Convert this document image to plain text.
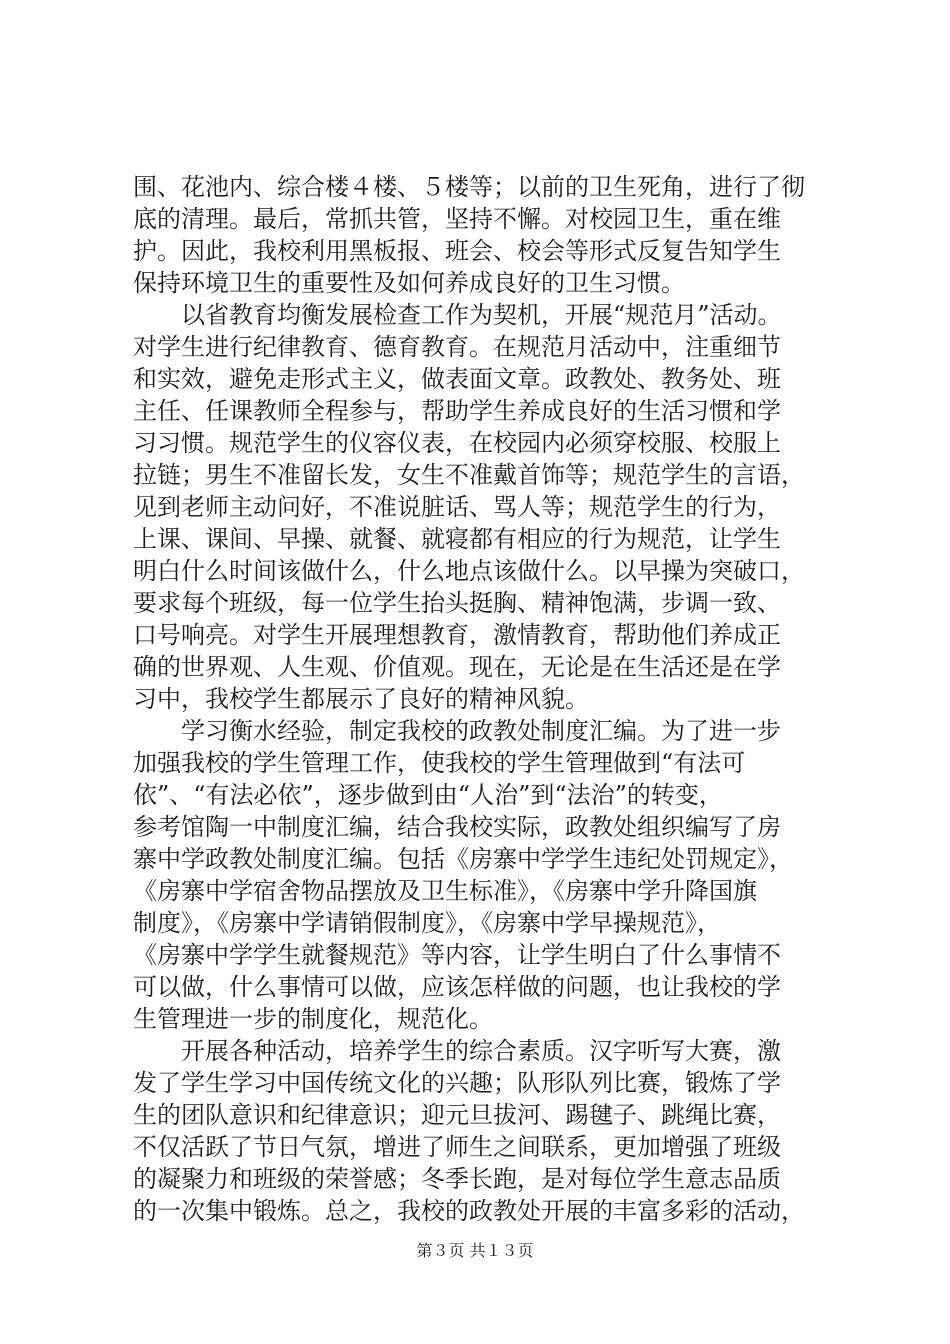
围、花池内、综合楼４楼、５楼等；以前的卫生死角，进行了彻
底的清理。最后，常抓共管，坚持不懈。对校园卫生，重在维
护。因此，我校利用黑板报、班会、校会等形式反复告知学生
保持环境卫生的重要性及如何养成良好的卫生习惯。
　　以省教育均衡发展检查工作为契机，开展“规范月”活动。
对学生进行纪律教育、德育教育。在规范月活动中，注重细节
和实效，避免走形式主义，做表面文章。政教处、教务处、班
主任、任课教师全程参与，帮助学生养成良好的生活习惯和学
习习惯。规范学生的仪容仪表，在校园内必须穿校服、校服上
拉链；男生不准留长发，女生不准戴首饰等；规范学生的言语，
见到老师主动问好，不准说脏话、骂人等；规范学生的行为，
上课、课间、早操、就餐、就寝都有相应的行为规范，让学生
明白什么时间该做什么，什么地点该做什么。以早操为突破口，
要求每个班级，每一位学生抬头挺胸、精神饱满，步调一致、
口号响亮。对学生开展理想教育，激情教育，帮助他们养成正
确的世界观、人生观、价值观。现在，无论是在生活还是在学
习中，我校学生都展示了良好的精神风貌。
　　学习衡水经验，制定我校的政教处制度汇编。为了进一步
加强我校的学生管理工作，使我校的学生管理做到“有法可
依”、“有法必依”，逐步做到由“人治”到“法治”的转变，
参考馆陶一中制度汇编，结合我校实际，政教处组织编写了房
寨中学政教处制度汇编。包括《房寨中学学生违纪处罚规定》，
《房寨中学宿舍物品摆放及卫生标准》，《房寨中学升降国旗
制度》，《房寨中学请销假制度》，《房寨中学早操规范》，
《房寨中学学生就餐规范》等内容，让学生明白了什么事情不
可以做，什么事情可以做，应该怎样做的问题，也让我校的学
生管理进一步的制度化，规范化。
　　开展各种活动，培养学生的综合素质。汉字听写大赛，激
发了学生学习中国传统文化的兴趣；队形队列比赛，锻炼了学
生的团队意识和纪律意识；迎元旦拔河、踢毽子、跳绳比赛，
不仅活跃了节日气氛，增进了师生之间联系，更加增强了班级
的凝聚力和班级的荣誉感；冬季长跑，是对每位学生意志品质
的一次集中锻炼。总之，我校的政教处开展的丰富多彩的活动，
第３页 共１３页
